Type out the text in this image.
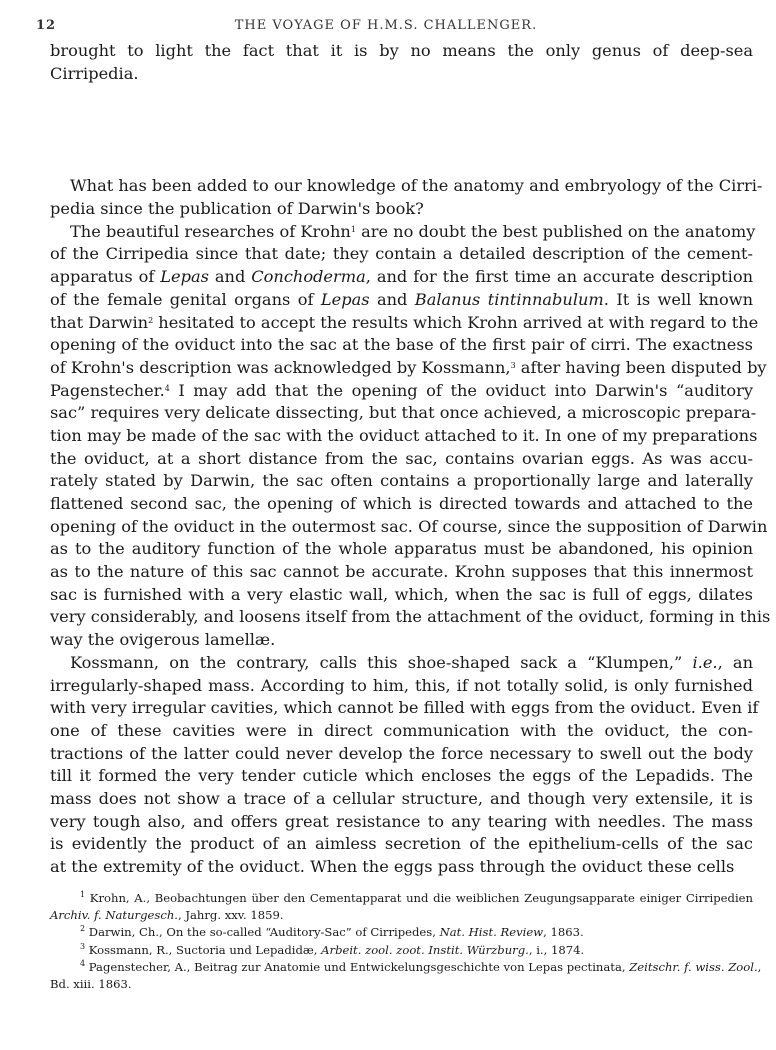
12	THE VOYAGE OF H.M.S. CHALLENGER.
brought to light the fact that it is by no means the only genus of deep-sea
Cirripedia.
What has been added to our knowledge of the anatomy and embryology of the Cirri-
pedia since the publication of Darwin's book?
The beautiful researches of Krohn$^1$ are no doubt the best published on the anatomy
of the Cirripedia since that date; they contain a detailed description of the cement-
apparatus of Lepas and Conchoderma, and for the first time an accurate description
of the female genital organs of Lepas and Balanus tintinnabulum. It is well known
that Darwin$^2$ hesitated to accept the results which Krohn arrived at with regard to the
opening of the oviduct into the sac at the base of the first pair of cirri. The exactness
of Krohn's description was acknowledged by Kossmann,$^3$ after having been disputed by
Pagenstecher.$^4$ I may add that the opening of the oviduct into Darwin's “auditory
sac” requires very delicate dissecting, but that once achieved, a microscopic prepara-
tion may be made of the sac with the oviduct attached to it. In one of my preparations
the oviduct, at a short distance from the sac, contains ovarian eggs. As was accu-
rately stated by Darwin, the sac often contains a proportionally large and laterally
flattened second sac, the opening of which is directed towards and attached to the
opening of the oviduct in the outermost sac. Of course, since the supposition of Darwin
as to the auditory function of the whole apparatus must be abandoned, his opinion
as to the nature of this sac cannot be accurate. Krohn supposes that this innermost
sac is furnished with a very elastic wall, which, when the sac is full of eggs, dilates
very considerably, and loosens itself from the attachment of the oviduct, forming in this
way the ovigerous lamellæ.
Kossmann, on the contrary, calls this shoe-shaped sack a “Klumpen,” i.e., an
irregularly-shaped mass. According to him, this, if not totally solid, is only furnished
with very irregular cavities, which cannot be filled with eggs from the oviduct. Even if
one of these cavities were in direct communication with the oviduct, the con-
tractions of the latter could never develop the force necessary to swell out the body
till it formed the very tender cuticle which encloses the eggs of the Lepadids. The
mass does not show a trace of a cellular structure, and though very extensile, it is
very tough also, and offers great resistance to any tearing with needles. The mass
is evidently the product of an aimless secretion of the epithelium-cells of the sac
at the extremity of the oviduct. When the eggs pass through the oviduct these cells
$^1$ Krohn, A., Beobachtungen über den Cementapparat und die weiblichen Zeugungsapparate einiger Cirripedien
Archiv. f. Naturgesch., Jahrg. xxv. 1859.
$^2$ Darwin, Ch., On the so-called “Auditory-Sac” of Cirripedes, Nat. Hist. Review, 1863.
$^3$ Kossmann, R., Suctoria und Lepadidæ, Arbeit. zool. zoot. Instit. Würzburg., i., 1874.
$^4$ Pagenstecher, A., Beitrag zur Anatomie und Entwickelungsgeschichte von Lepas pectinata, Zeitschr. f. wiss. Zool.,
Bd. xiii. 1863.
